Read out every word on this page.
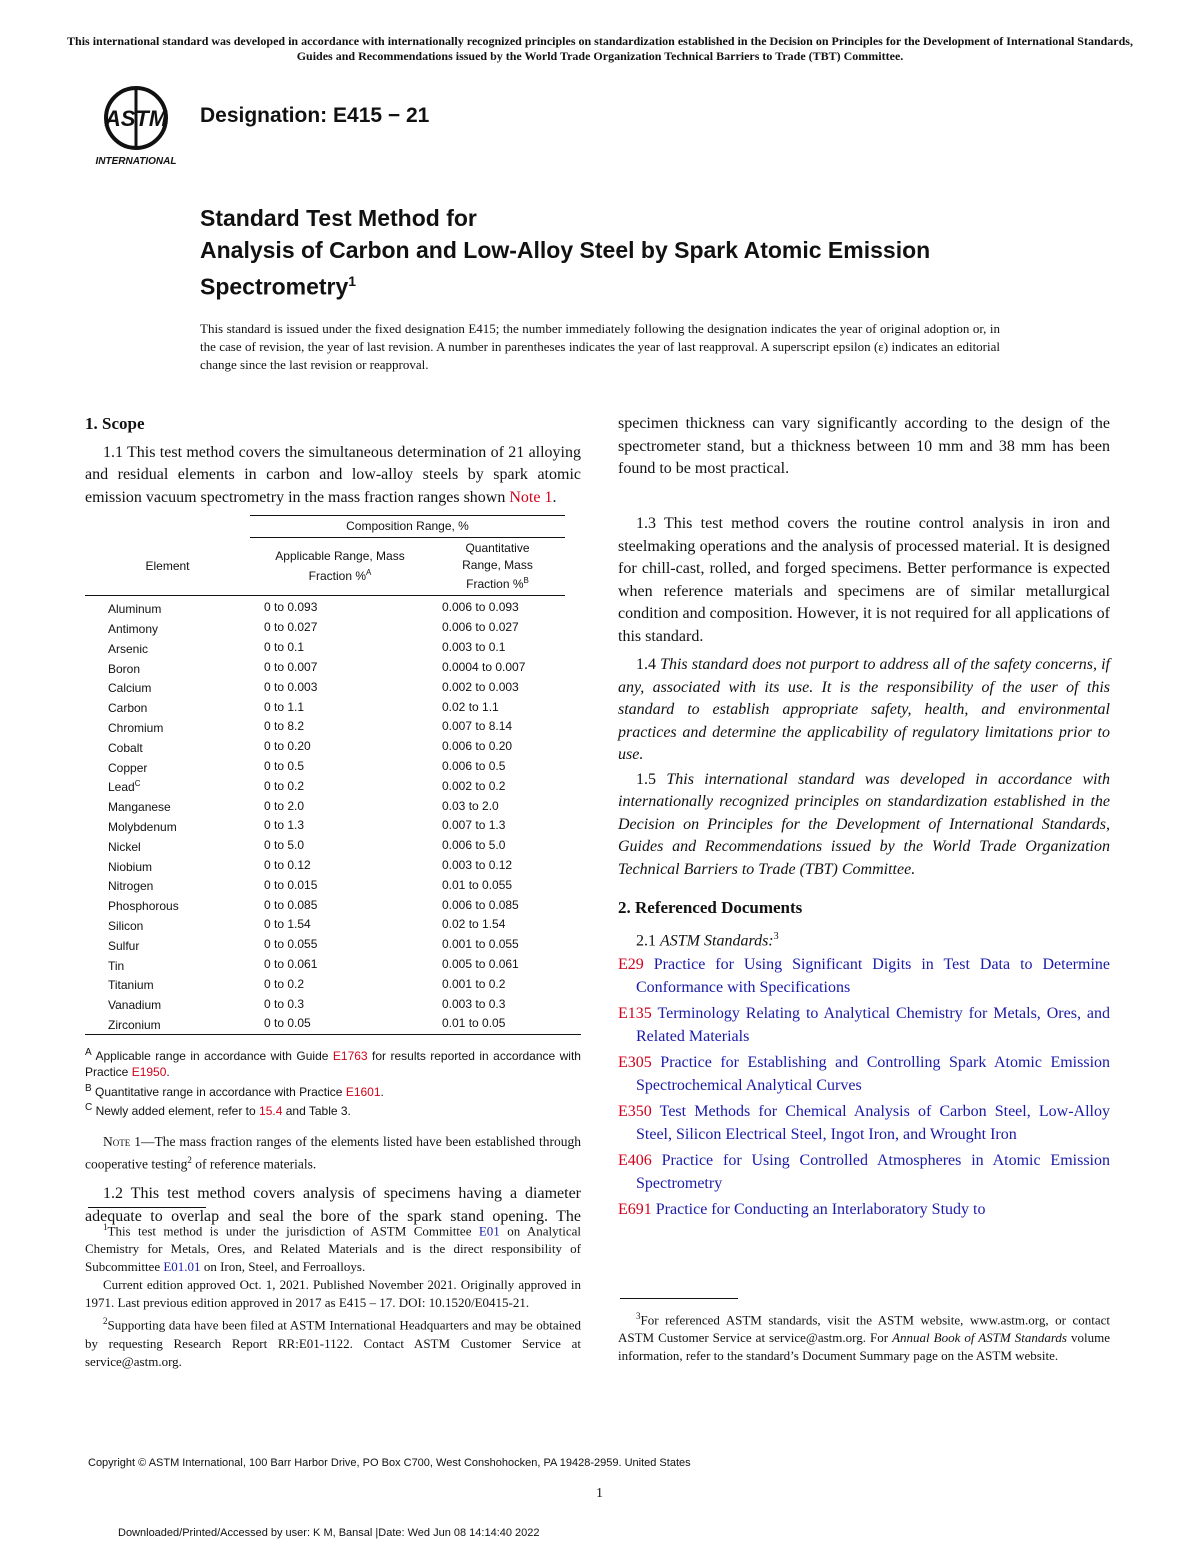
This international standard was developed in accordance with internationally recognized principles on standardization established in the Decision on Principles for the Development of International Standards, Guides and Recommendations issued by the World Trade Organization Technical Barriers to Trade (TBT) Committee.
ASTM
INTERNATIONAL
Designation: E415 − 21
Standard Test Method for
Analysis of Carbon and Low-Alloy Steel by Spark Atomic Emission Spectrometry$^1$
This standard is issued under the fixed designation E415; the number immediately following the designation indicates the year of original adoption or, in the case of revision, the year of last revision. A number in parentheses indicates the year of last reapproval. A superscript epsilon (ε) indicates an editorial change since the last revision or reapproval.
1. Scope

1.1 This test method covers the simultaneous determination of 21 alloying and residual elements in carbon and low-alloy steels by spark atomic emission vacuum spectrometry in the mass fraction ranges shown Note 1.

	Composition Range, %	
Element	Applicable Range, Mass Fraction %$^A$	Quantitative Range, Mass Fraction %$^B$
Aluminum	0 to 0.093	0.006 to 0.093
Antimony	0 to 0.027	0.006 to 0.027
Arsenic	0 to 0.1	0.003 to 0.1
Boron	0 to 0.007	0.0004 to 0.007
Calcium	0 to 0.003	0.002 to 0.003
Carbon	0 to 1.1	0.02 to 1.1
Chromium	0 to 8.2	0.007 to 8.14
Cobalt	0 to 0.20	0.006 to 0.20
Copper	0 to 0.5	0.006 to 0.5
Lead$^C$	0 to 0.2	0.002 to 0.2
Manganese	0 to 2.0	0.03 to 2.0
Molybdenum	0 to 1.3	0.007 to 1.3
Nickel	0 to 5.0	0.006 to 5.0
Niobium	0 to 0.12	0.003 to 0.12
Nitrogen	0 to 0.015	0.01 to 0.055
Phosphorous	0 to 0.085	0.006 to 0.085
Silicon	0 to 1.54	0.02 to 1.54
Sulfur	0 to 0.055	0.001 to 0.055
Tin	0 to 0.061	0.005 to 0.061
Titanium	0 to 0.2	0.001 to 0.2
Vanadium	0 to 0.3	0.003 to 0.3
Zirconium	0 to 0.05	0.01 to 0.05
$^A$ Applicable range in accordance with Guide E1763 for results reported in accordance with Practice E1950.
$^B$ Quantitative range in accordance with Practice E1601.
$^C$ Newly added element, refer to 15.4 and Table 3.
Note 1—The mass fraction ranges of the elements listed have been established through cooperative testing$^2$ of reference materials.

1.2 This test method covers analysis of specimens having a diameter adequate to overlap and seal the bore of the spark stand opening. The

specimen thickness can vary significantly according to the design of the spectrometer stand, but a thickness between 10 mm and 38 mm has been found to be most practical.

1.3 This test method covers the routine control analysis in iron and steelmaking operations and the analysis of processed material. It is designed for chill-cast, rolled, and forged specimens. Better performance is expected when reference materials and specimens are of similar metallurgical condition and composition. However, it is not required for all applications of this standard.

1.4 This standard does not purport to address all of the safety concerns, if any, associated with its use. It is the responsibility of the user of this standard to establish appropriate safety, health, and environmental practices and determine the applicability of regulatory limitations prior to use.

1.5 This international standard was developed in accordance with internationally recognized principles on standardization established in the Decision on Principles for the Development of International Standards, Guides and Recommendations issued by the World Trade Organization Technical Barriers to Trade (TBT) Committee.

2. Referenced Documents
2.1 ASTM Standards:$^3$
E29 Practice for Using Significant Digits in Test Data to Determine Conformance with Specifications
E135 Terminology Relating to Analytical Chemistry for Metals, Ores, and Related Materials
E305 Practice for Establishing and Controlling Spark Atomic Emission Spectrochemical Analytical Curves
E350 Test Methods for Chemical Analysis of Carbon Steel, Low-Alloy Steel, Silicon Electrical Steel, Ingot Iron, and Wrought Iron
E406 Practice for Using Controlled Atmospheres in Atomic Emission Spectrometry
E691 Practice for Conducting an Interlaboratory Study to
$^1$This test method is under the jurisdiction of ASTM Committee E01 on Analytical Chemistry for Metals, Ores, and Related Materials and is the direct responsibility of Subcommittee E01.01 on Iron, Steel, and Ferroalloys.
Current edition approved Oct. 1, 2021. Published November 2021. Originally approved in 1971. Last previous edition approved in 2017 as E415 – 17. DOI: 10.1520/E0415-21.
$^2$Supporting data have been filed at ASTM International Headquarters and may be obtained by requesting Research Report RR:E01-1122. Contact ASTM Customer Service at service@astm.org.
$^3$For referenced ASTM standards, visit the ASTM website, www.astm.org, or contact ASTM Customer Service at service@astm.org. For Annual Book of ASTM Standards volume information, refer to the standard’s Document Summary page on the ASTM website.
Copyright © ASTM International, 100 Barr Harbor Drive, PO Box C700, West Conshohocken, PA 19428-2959. United States
1
Downloaded/Printed/Accessed by user: K M, Bansal |Date: Wed Jun 08 14:14:40 2022
